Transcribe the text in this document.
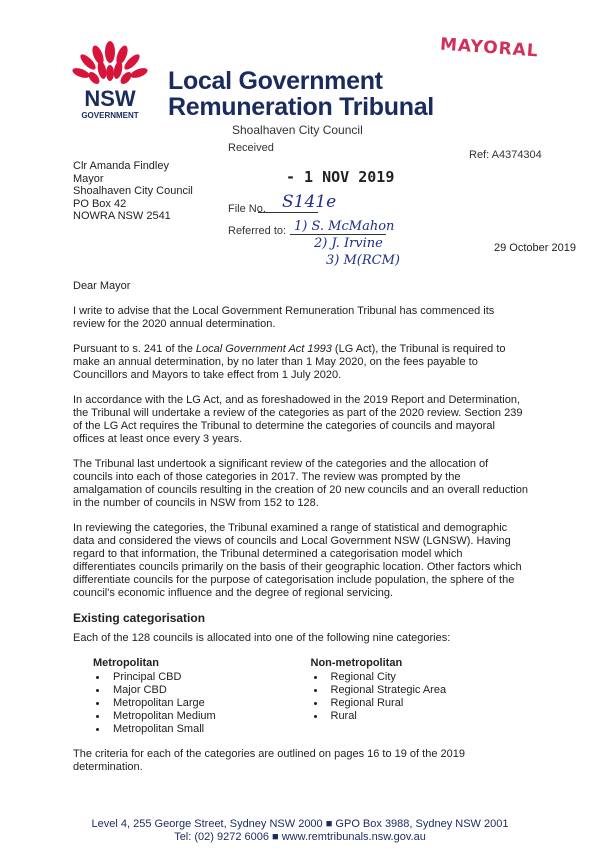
MAYORAL
NSW
GOVERNMENT
Local Government
Remuneration Tribunal
Shoalhaven City Council
Received
Ref: A4374304
- 1 NOV 2019
Clr Amanda Findley
Mayor
Shoalhaven City Council
PO Box 42
NOWRA NSW 2541
File No. S141e
Referred to: 1) S. McMahon
2) J. Irvine
3) M(RCM)
29 October 2019

Dear Mayor

I write to advise that the Local Government Remuneration Tribunal has commenced its review for the 2020 annual determination.

Pursuant to s. 241 of the Local Government Act 1993 (LG Act), the Tribunal is required to make an annual determination, by no later than 1 May 2020, on the fees payable to Councillors and Mayors to take effect from 1 July 2020.

In accordance with the LG Act, and as foreshadowed in the 2019 Report and Determination, the Tribunal will undertake a review of the categories as part of the 2020 review. Section 239 of the LG Act requires the Tribunal to determine the categories of councils and mayoral offices at least once every 3 years.

The Tribunal last undertook a significant review of the categories and the allocation of councils into each of those categories in 2017. The review was prompted by the amalgamation of councils resulting in the creation of 20 new councils and an overall reduction in the number of councils in NSW from 152 to 128.

In reviewing the categories, the Tribunal examined a range of statistical and demographic data and considered the views of councils and Local Government NSW (LGNSW). Having regard to that information, the Tribunal determined a categorisation model which differentiates councils primarily on the basis of their geographic location. Other factors which differentiate councils for the purpose of categorisation include population, the sphere of the council's economic influence and the degree of regional servicing.

Existing categorisation

Each of the 128 councils is allocated into one of the following nine categories:

Metropolitan
Principal CBD
Major CBD
Metropolitan Large
Metropolitan Medium
Metropolitan Small
Non-metropolitan
Regional City
Regional Strategic Area
Regional Rural
Rural

The criteria for each of the categories are outlined on pages 16 to 19 of the 2019 determination.

Level 4, 255 George Street, Sydney NSW 2000 ■ GPO Box 3988, Sydney NSW 2001
Tel: (02) 9272 6006 ■ www.remtribunals.nsw.gov.au
